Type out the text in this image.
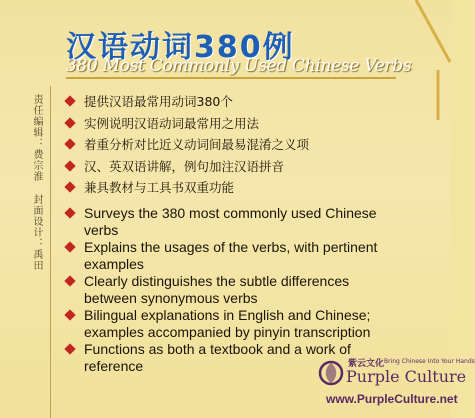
汉语动词380例
380 Most Commonly Used Chinese Verbs
责任编辑：费宗淮 封面设计：禹田
提供汉语最常用动词380个
实例说明汉语动词最常用之用法
着重分析对比近义动词间最易混淆之义项
汉、英双语讲解，例句加注汉语拼音
兼具教材与工具书双重功能
Surveys the 380 most commonly used Chinese verbs
Explains the usages of the verbs, with pertinent examples
Clearly distinguishes the subtle differences between synonymous verbs
Bilingual explanations in English and Chinese; examples accompanied by pinyin transcription
Functions as both a textbook and a work of reference	紫云文化 Bring Chinese Into Your Hands
Purple Culture
www.PurpleCulture.net
